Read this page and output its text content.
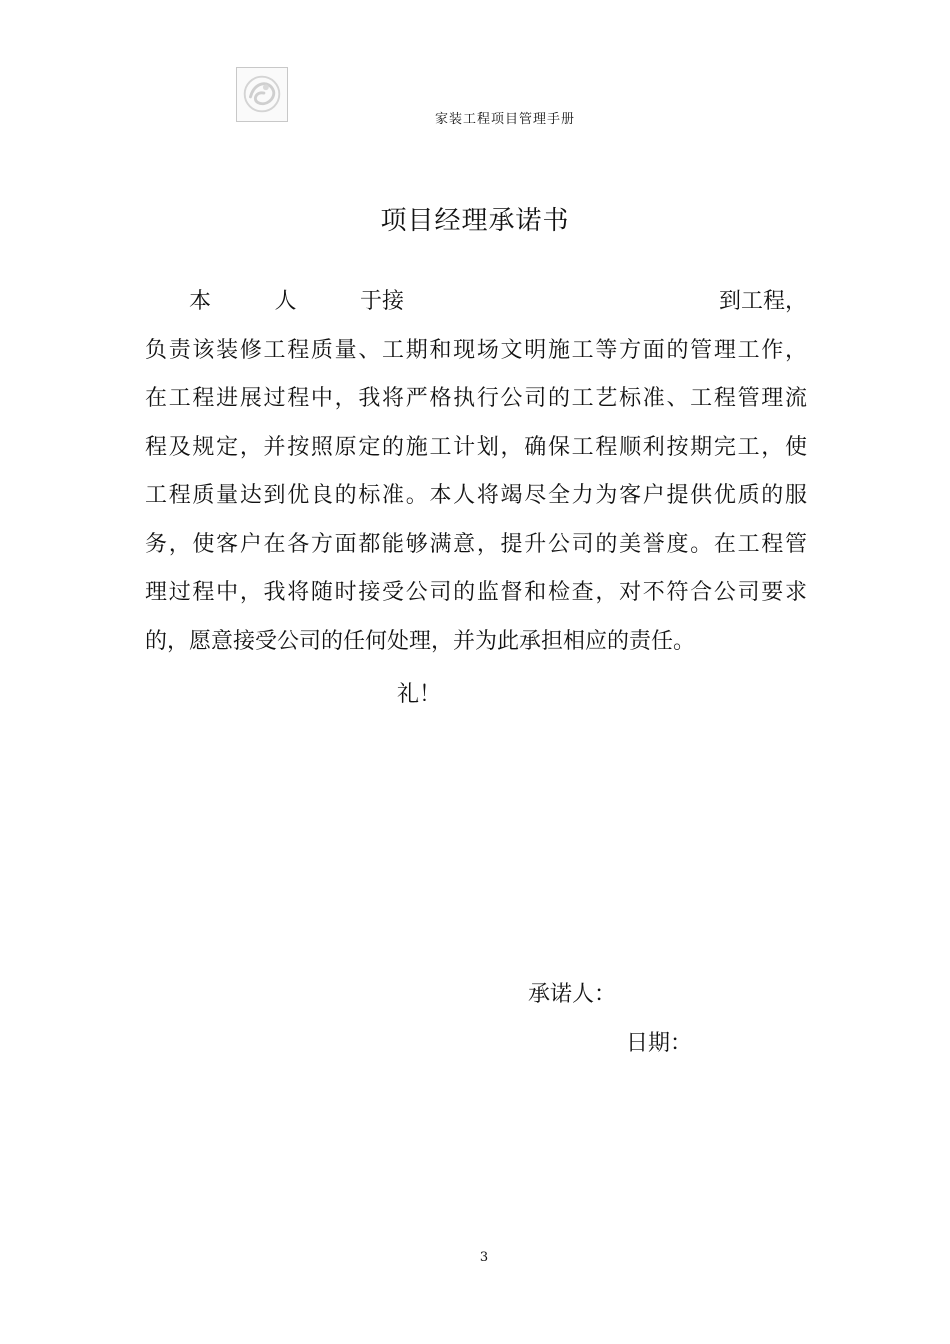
家装工程项目管理手册
项目经理承诺书
本人于 接到 工程，
负责该装修工程质量、工期和现场文明施工等方面的管理工作，
在工程进展过程中，我将严格执行公司的工艺标准、工程管理流
程及规定，并按照原定的施工计划，确保工程顺利按期完工，使
工程质量达到优良的标准。本人将竭尽全力为客户提供优质的服
务，使客户在各方面都能够满意，提升公司的美誉度。在工程管
理过程中，我将随时接受公司的监督和检查，对不符合公司要求
的，愿意接受公司的任何处理，并为此承担相应的责任。
礼！
承诺人：
日期：
3
